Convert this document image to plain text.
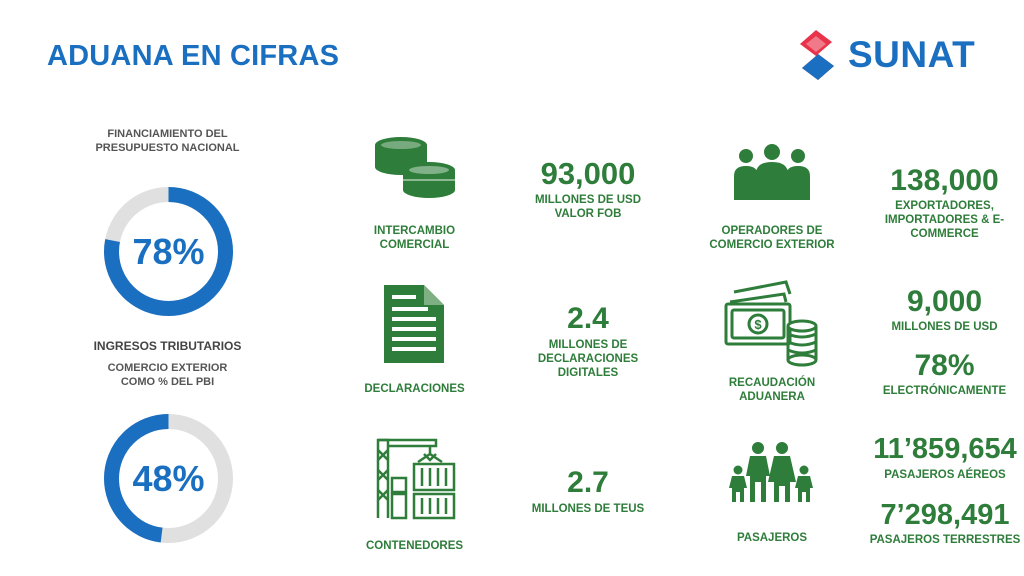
ADUANA EN CIFRAS	SUNAT
FINANCIAMIENTO DEL PRESUPUESTO NACIONAL
78%
INGRESOS TRIBUTARIOS
COMERCIO EXTERIOR COMO % DEL PBI
48%
INTERCAMBIO COMERCIAL
93,000
MILLONES DE USD VALOR FOB
OPERADORES DE COMERCIO EXTERIOR
138,000
EXPORTADORES, IMPORTADORES & E-COMMERCE
DECLARACIONES
2.4
MILLONES DE DECLARACIONES DIGITALES
$
RECAUDACIÓN ADUANERA
9,000
MILLONES DE USD
78%
ELECTRÓNICAMENTE
CONTENEDORES
2.7
MILLONES DE TEUS
PASAJEROS
11’859,654
PASAJEROS AÉREOS
7’298,491
PASAJEROS TERRESTRES
